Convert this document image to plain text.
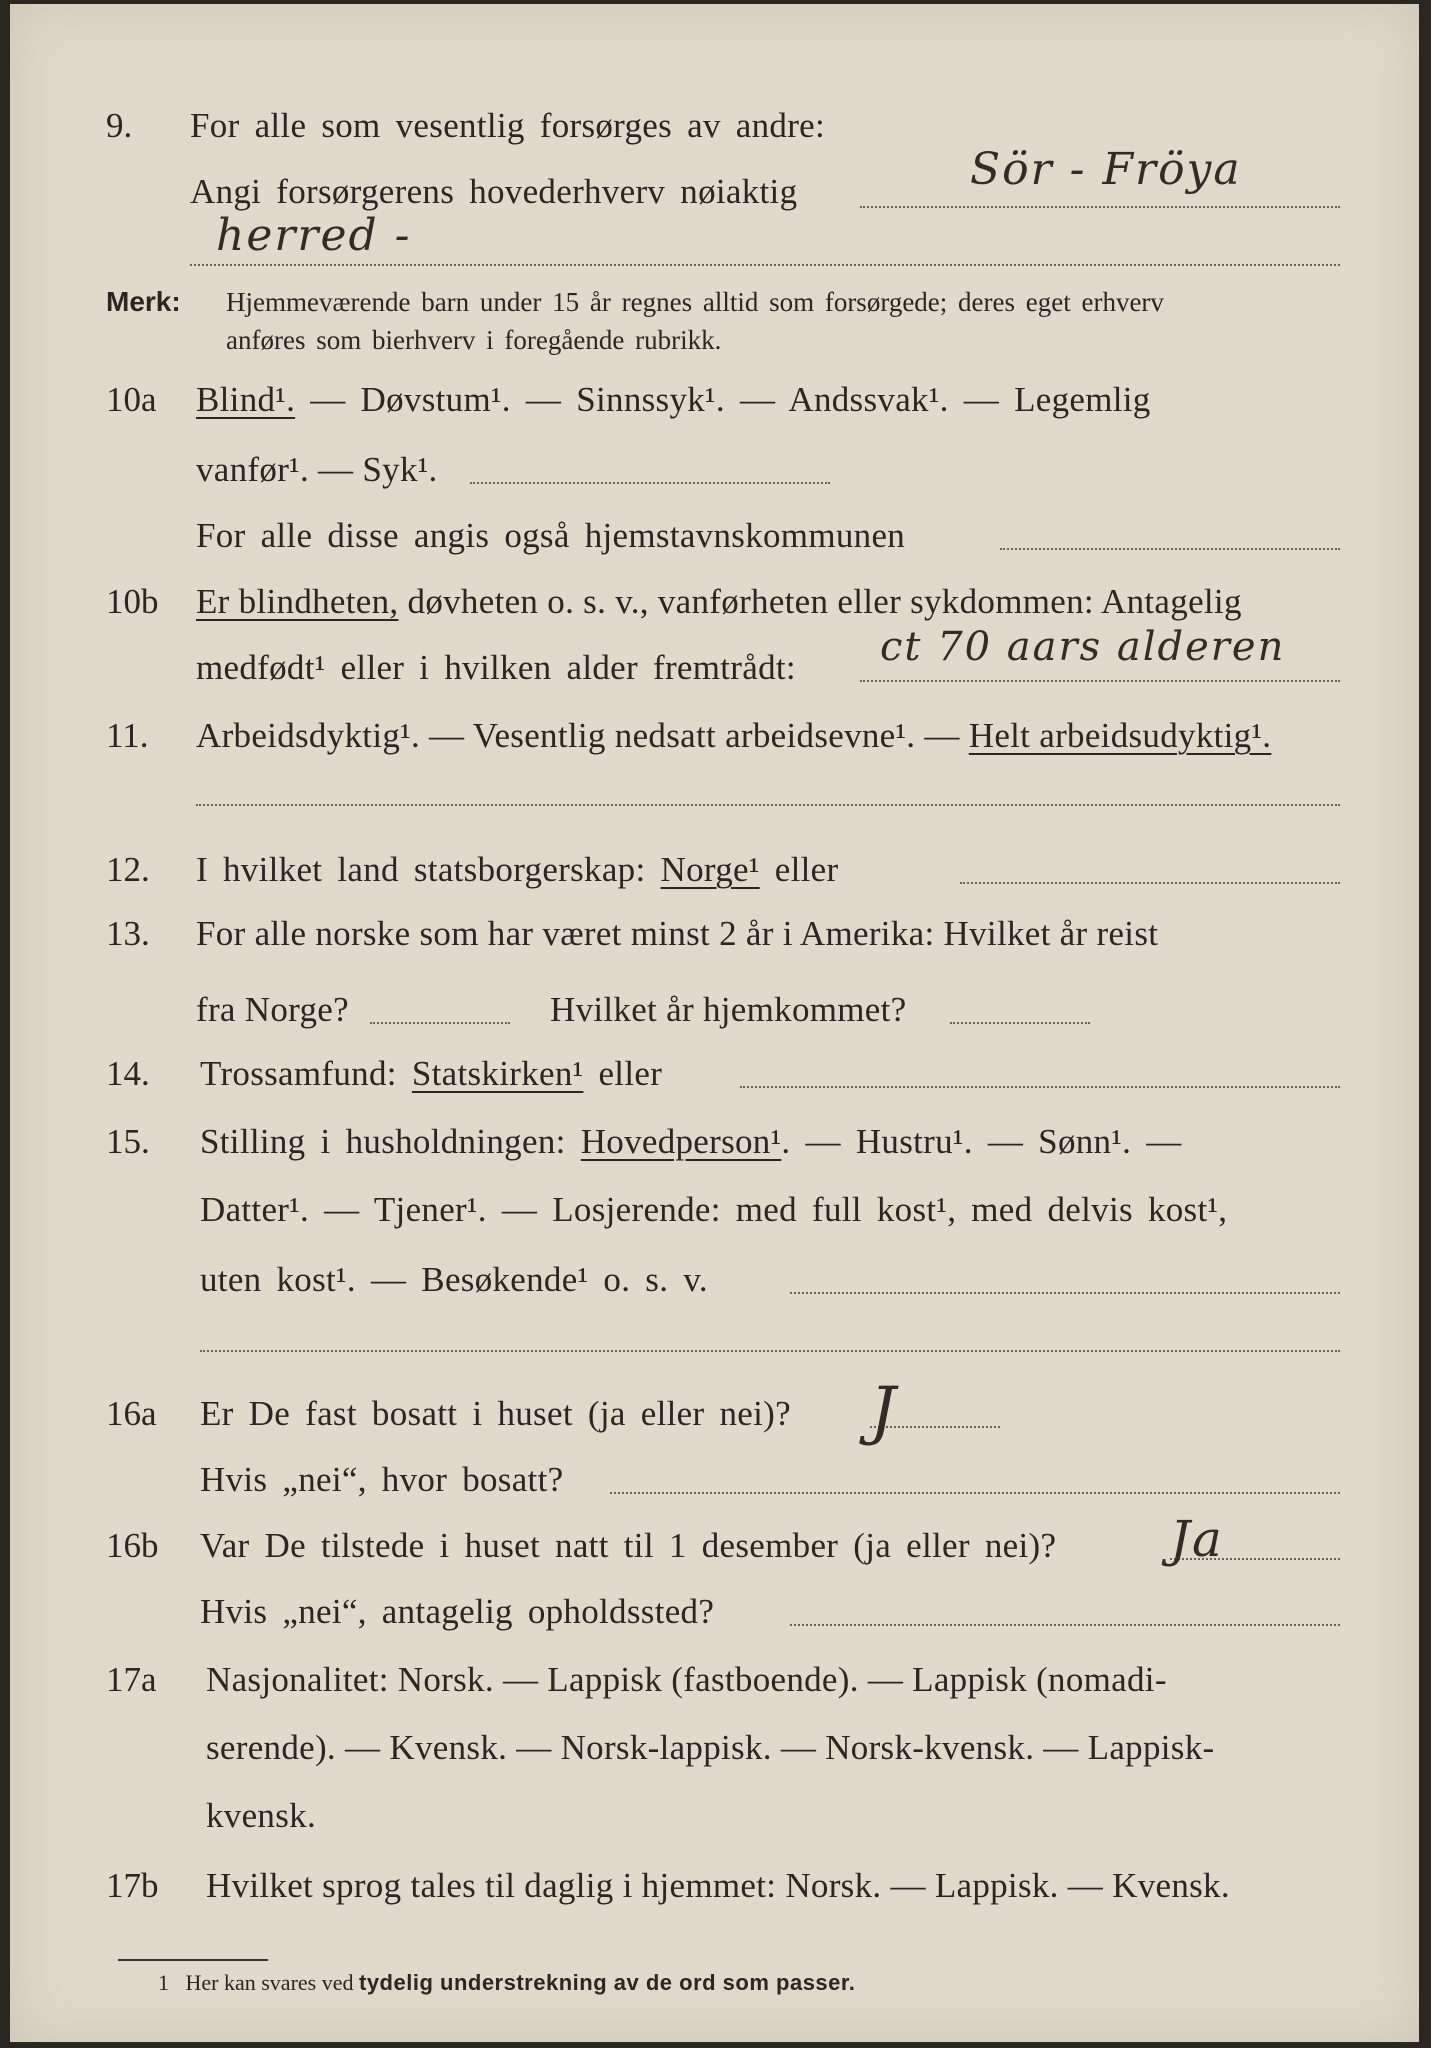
9. For alle som vesentlig forsørges av andre:
Angi forsørgerens hovederhverv nøiaktig	Sör - Fröya
herred -
Merk: Hjemmeværende barn under 15 år regnes alltid som forsørgede; deres eget erhverv
anføres som bierhverv i foregående rubrikk.
10a Blind¹. — Døvstum¹. — Sinnssyk¹. — Andssvak¹. — Legemlig
vanfør¹. — Syk¹.
For alle disse angis også hjemstavnskommunen
10b Er blindheten, døvheten o. s. v., vanførheten eller sykdommen: Antagelig
medfødt¹ eller i hvilken alder fremtrådt: ct 70 aars alderen
11. Arbeidsdyktig¹. — Vesentlig nedsatt arbeidsevne¹. — Helt arbeidsudyktig¹.
12. I hvilket land statsborgerskap: Norge¹ eller
13. For alle norske som har været minst 2 år i Amerika: Hvilket år reist
fra Norge?	Hvilket år hjemkommet?
14. Trossamfund: Statskirken¹ eller
15. Stilling i husholdningen: Hovedperson¹. — Hustru¹. — Sønn¹. —
Datter¹. — Tjener¹. — Losjerende: med full kost¹, med delvis kost¹,
uten kost¹. — Besøkende¹ o. s. v.
16a Er De fast bosatt i huset (ja eller nei)? J
Hvis „nei“, hvor bosatt?
16b Var De tilstede i huset natt til 1 desember (ja eller nei)? Ja
Hvis „nei“, antagelig opholdssted?
17a Nasjonalitet: Norsk. — Lappisk (fastboende). — Lappisk (nomadi-
serende). — Kvensk. — Norsk-lappisk. — Norsk-kvensk. — Lappisk-
kvensk.
17b Hvilket sprog tales til daglig i hjemmet: Norsk. — Lappisk. — Kvensk.
1 Her kan svares ved tydelig understrekning av de ord som passer.
